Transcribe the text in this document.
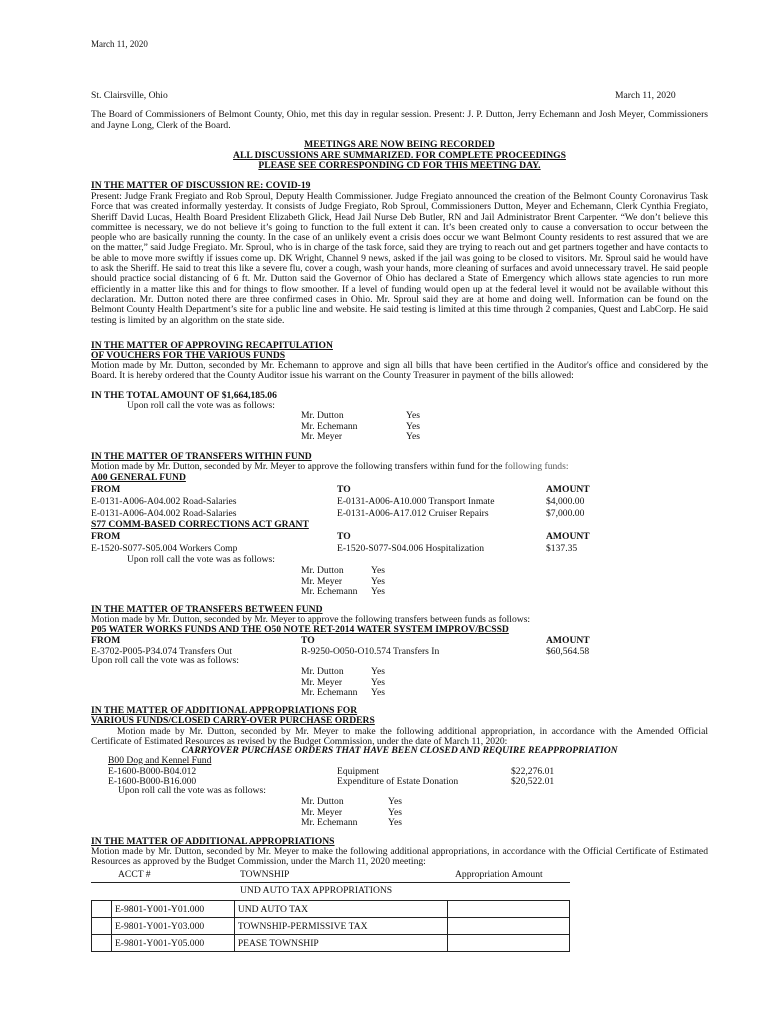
March 11, 2020
St. Clairsville, Ohio	March 11, 2020
The Board of Commissioners of Belmont County, Ohio, met this day in regular session. Present: J. P. Dutton, Jerry Echemann and Josh Meyer, Commissioners and Jayne Long, Clerk of the Board.
MEETINGS ARE NOW BEING RECORDED
ALL DISCUSSIONS ARE SUMMARIZED. FOR COMPLETE PROCEEDINGS
PLEASE SEE CORRESPONDING CD FOR THIS MEETING DAY.
IN THE MATTER OF DISCUSSION RE: COVID-19
Present: Judge Frank Fregiato and Rob Sproul, Deputy Health Commissioner. Judge Fregiato announced the creation of the Belmont County Coronavirus Task Force that was created informally yesterday. It consists of Judge Fregiato, Rob Sproul, Commissioners Dutton, Meyer and Echemann, Clerk Cynthia Fregiato, Sheriff David Lucas, Health Board President Elizabeth Glick, Head Jail Nurse Deb Butler, RN and Jail Administrator Brent Carpenter. “We don’t believe this committee is necessary, we do not believe it’s going to function to the full extent it can. It’s been created only to cause a conversation to occur between the people who are basically running the county. In the case of an unlikely event a crisis does occur we want Belmont County residents to rest assured that we are on the matter,” said Judge Fregiato. Mr. Sproul, who is in charge of the task force, said they are trying to reach out and get partners together and have contacts to be able to move more swiftly if issues come up. DK Wright, Channel 9 news, asked if the jail was going to be closed to visitors. Mr. Sproul said he would have to ask the Sheriff. He said to treat this like a severe flu, cover a cough, wash your hands, more cleaning of surfaces and avoid unnecessary travel. He said people should practice social distancing of 6 ft. Mr. Dutton said the Governor of Ohio has declared a State of Emergency which allows state agencies to run more efficiently in a matter like this and for things to flow smoother. If a level of funding would open up at the federal level it would not be available without this declaration. Mr. Dutton noted there are three confirmed cases in Ohio. Mr. Sproul said they are at home and doing well. Information can be found on the Belmont County Health Department’s site for a public line and website. He said testing is limited at this time through 2 companies, Quest and LabCorp. He said testing is limited by an algorithm on the state side.
IN THE MATTER OF APPROVING RECAPITULATION
OF VOUCHERS FOR THE VARIOUS FUNDS
Motion made by Mr. Dutton, seconded by Mr. Echemann to approve and sign all bills that have been certified in the Auditor's office and considered by the Board. It is hereby ordered that the County Auditor issue his warrant on the County Treasurer in payment of the bills allowed:
IN THE TOTAL AMOUNT OF $1,664,185.06
Upon roll call the vote was as follows:
Mr. Dutton	Yes
Mr. Echemann	Yes
Mr. Meyer	Yes
IN THE MATTER OF TRANSFERS WITHIN FUND
Motion made by Mr. Dutton, seconded by Mr. Meyer to approve the following transfers within fund for the following funds:
A00 GENERAL FUND
FROM	TO	AMOUNT
E-0131-A006-A04.002 Road-Salaries	E-0131-A006-A10.000 Transport Inmate	$4,000.00
E-0131-A006-A04.002 Road-Salaries	E-0131-A006-A17.012 Cruiser Repairs	$7,000.00
S77 COMM-BASED CORRECTIONS ACT GRANT
FROM	TO	AMOUNT
E-1520-S077-S05.004 Workers Comp	E-1520-S077-S04.006 Hospitalization	$137.35
Upon roll call the vote was as follows:
Mr. Dutton	Yes
Mr. Meyer	Yes
Mr. Echemann Yes
IN THE MATTER OF TRANSFERS BETWEEN FUND
Motion made by Mr. Dutton, seconded by Mr. Meyer to approve the following transfers between funds as follows:
P05 WATER WORKS FUNDS AND THE O50 NOTE RET-2014 WATER SYSTEM IMPROV/BCSSD
FROM	TO	AMOUNT
E-3702-P005-P34.074 Transfers Out	R-9250-O050-O10.574 Transfers In	$60,564.58
Upon roll call the vote was as follows:
Mr. Dutton	Yes
Mr. Meyer	Yes
Mr. Echemann Yes
IN THE MATTER OF ADDITIONAL APPROPRIATIONS FOR
VARIOUS FUNDS/CLOSED CARRY-OVER PURCHASE ORDERS
Motion made by Mr. Dutton, seconded by Mr. Meyer to make the following additional appropriation, in accordance with the Amended Official Certificate of Estimated Resources as revised by the Budget Commission, under the date of March 11, 2020:
CARRYOVER PURCHASE ORDERS THAT HAVE BEEN CLOSED AND REQUIRE REAPPROPRIATION
B00 Dog and Kennel Fund
E-1600-B000-B04.012	Equipment	$22,276.01
E-1600-B000-B16.000	Expenditure of Estate Donation	$20,522.01
Upon roll call the vote was as follows:
Mr. Dutton	Yes
Mr. Meyer	Yes
Mr. Echemann	Yes
IN THE MATTER OF ADDITIONAL APPROPRIATIONS
Motion made by Mr. Dutton, seconded by Mr. Meyer to make the following additional appropriations, in accordance with the Official Certificate of Estimated Resources as approved by the Budget Commission, under the March 11, 2020 meeting:
ACCT #	TOWNSHIP	Appropriation Amount
UND AUTO TAX APPROPRIATIONS
	E-9801-Y001-Y01.000	UND AUTO TAX	
	E-9801-Y001-Y03.000	TOWNSHIP-PERMISSIVE TAX	
	E-9801-Y001-Y05.000	PEASE TOWNSHIP	
